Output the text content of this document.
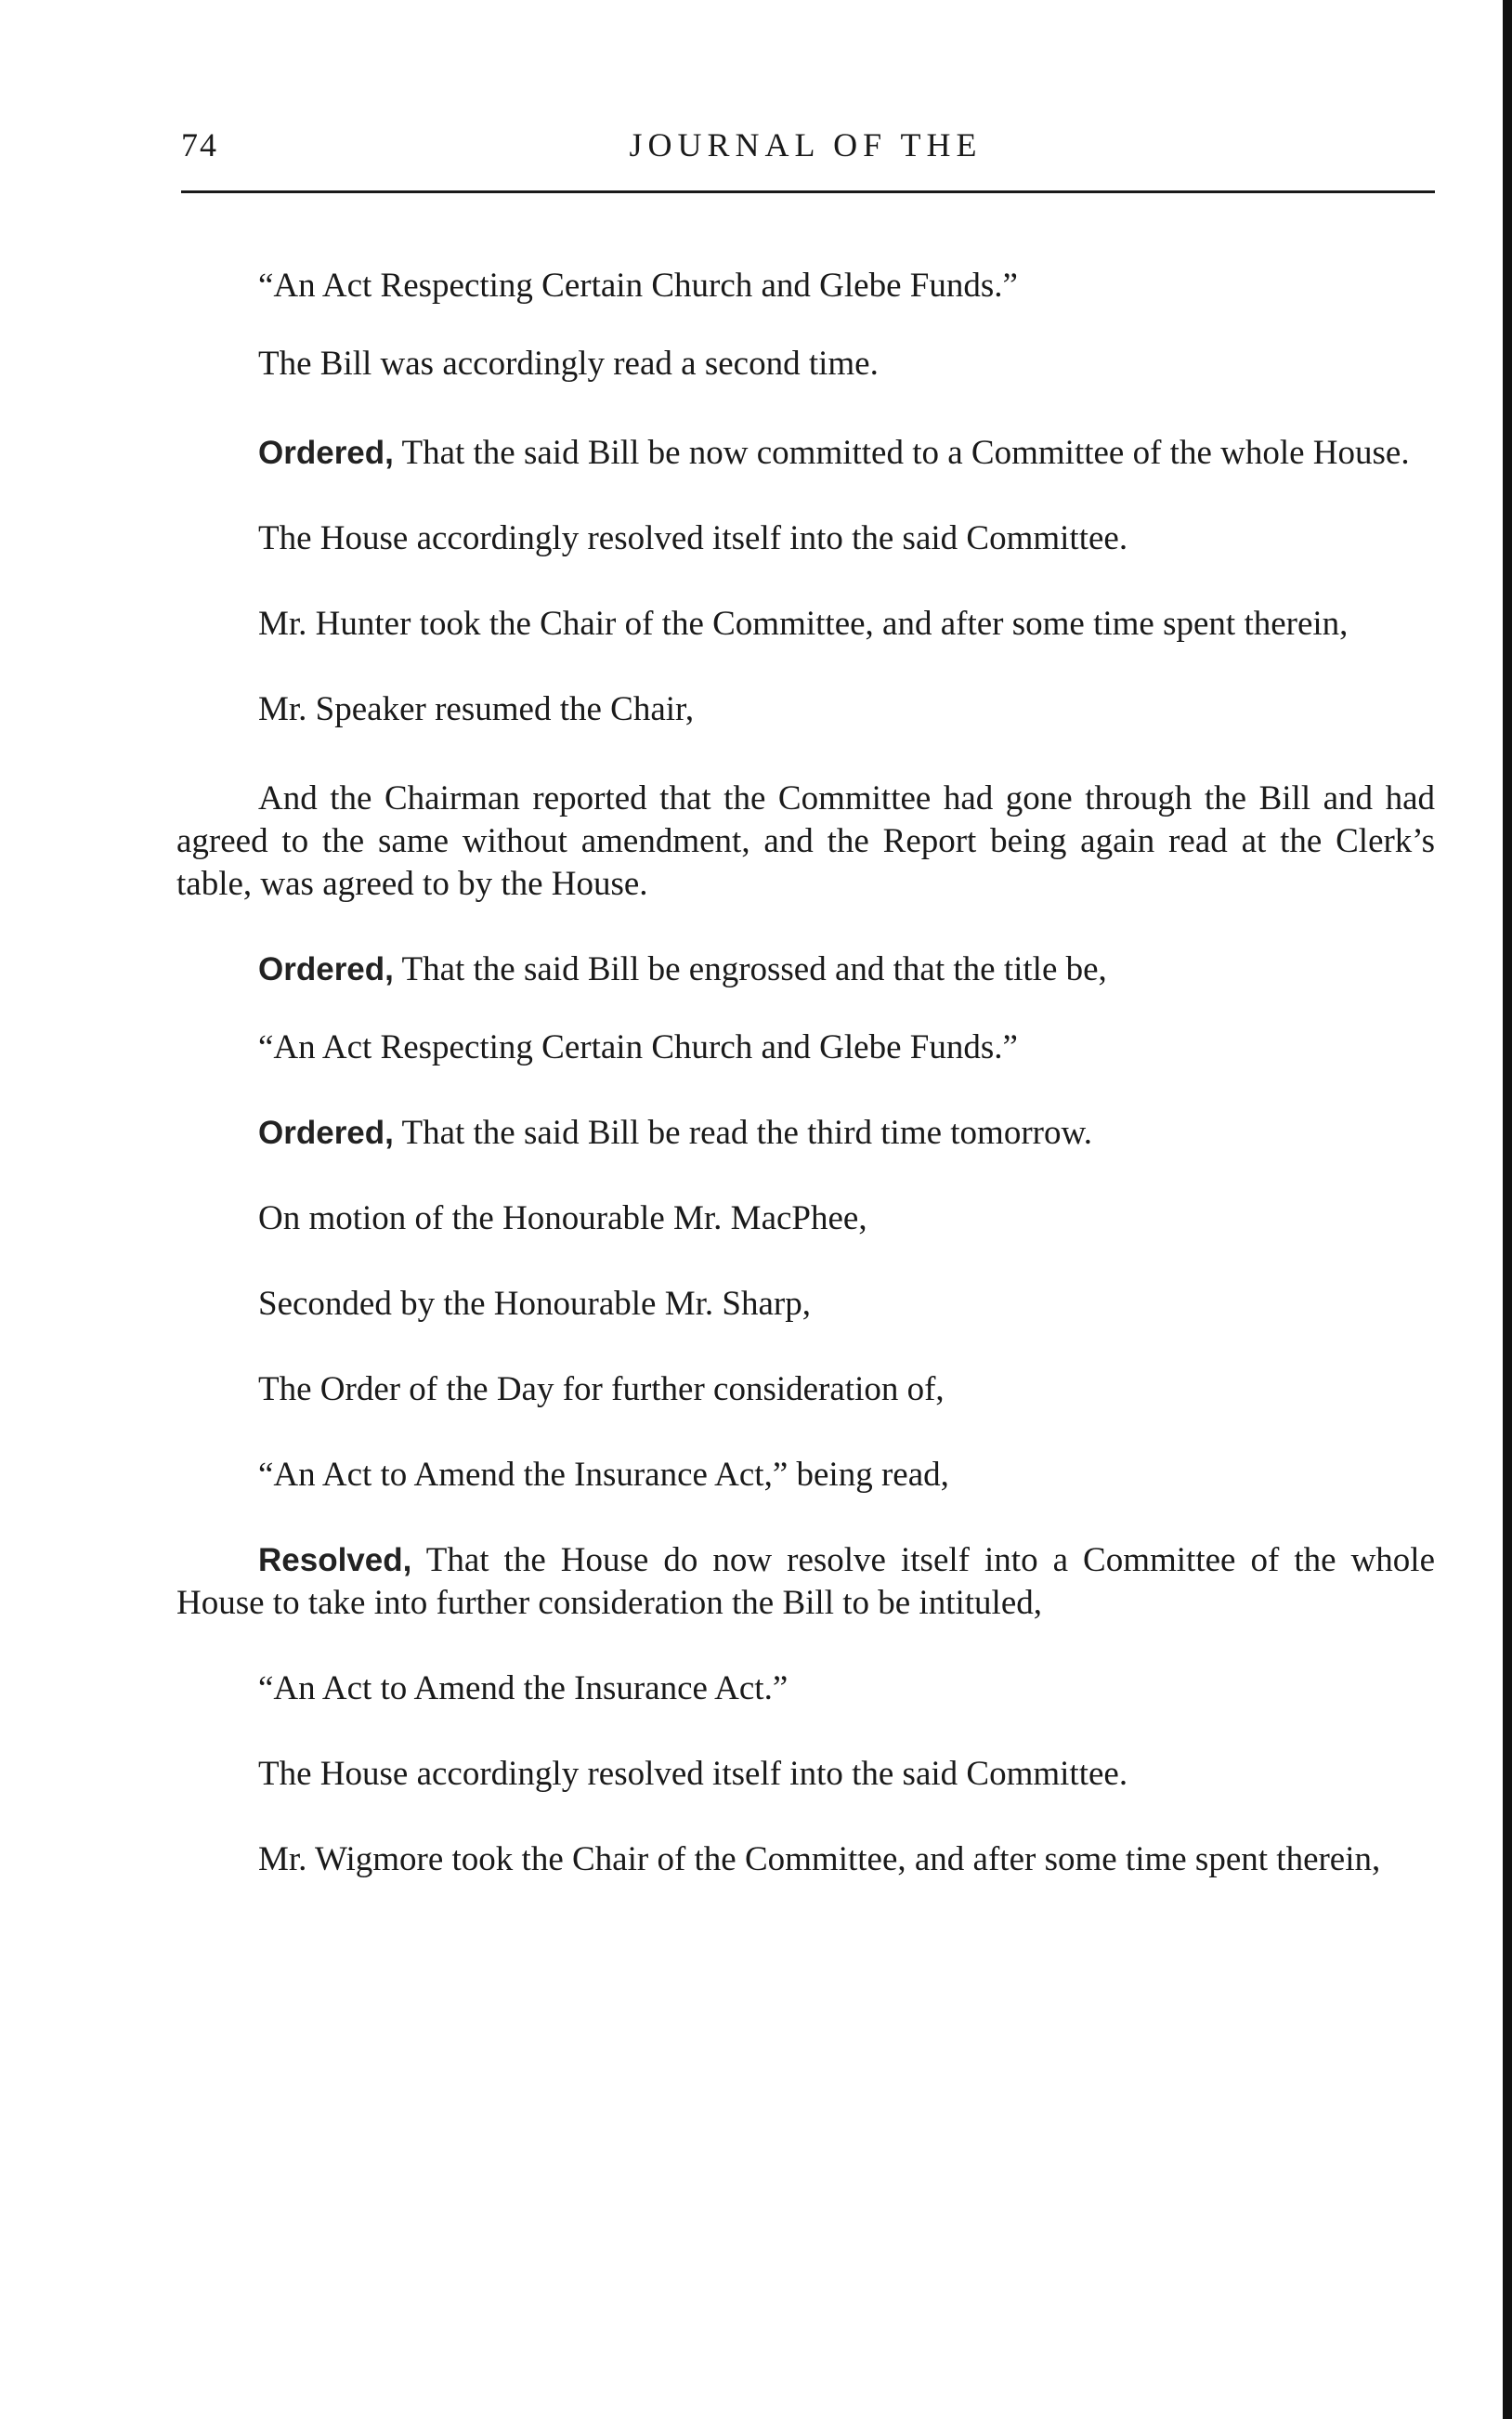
74	JOURNAL OF THE

“An Act Respecting Certain Church and Glebe Funds.”

The Bill was accordingly read a second time.

Ordered, That the said Bill be now committed to a Committee of the whole House.

The House accordingly resolved itself into the said Committee.

Mr. Hunter took the Chair of the Committee, and after some time spent therein,

Mr. Speaker resumed the Chair,

And the Chairman reported that the Committee had gone through the Bill and had agreed to the same without amendment, and the Report being again read at the Clerk’s table, was agreed to by the House.

Ordered, That the said Bill be engrossed and that the title be,

“An Act Respecting Certain Church and Glebe Funds.”

Ordered, That the said Bill be read the third time tomorrow.

On motion of the Honourable Mr. MacPhee,

Seconded by the Honourable Mr. Sharp,

The Order of the Day for further consideration of,

“An Act to Amend the Insurance Act,” being read,

Resolved, That the House do now resolve itself into a Committee of the whole House to take into further consideration the Bill to be intituled,

“An Act to Amend the Insurance Act.”

The House accordingly resolved itself into the said Committee.

Mr. Wigmore took the Chair of the Committee, and after some time spent therein,
